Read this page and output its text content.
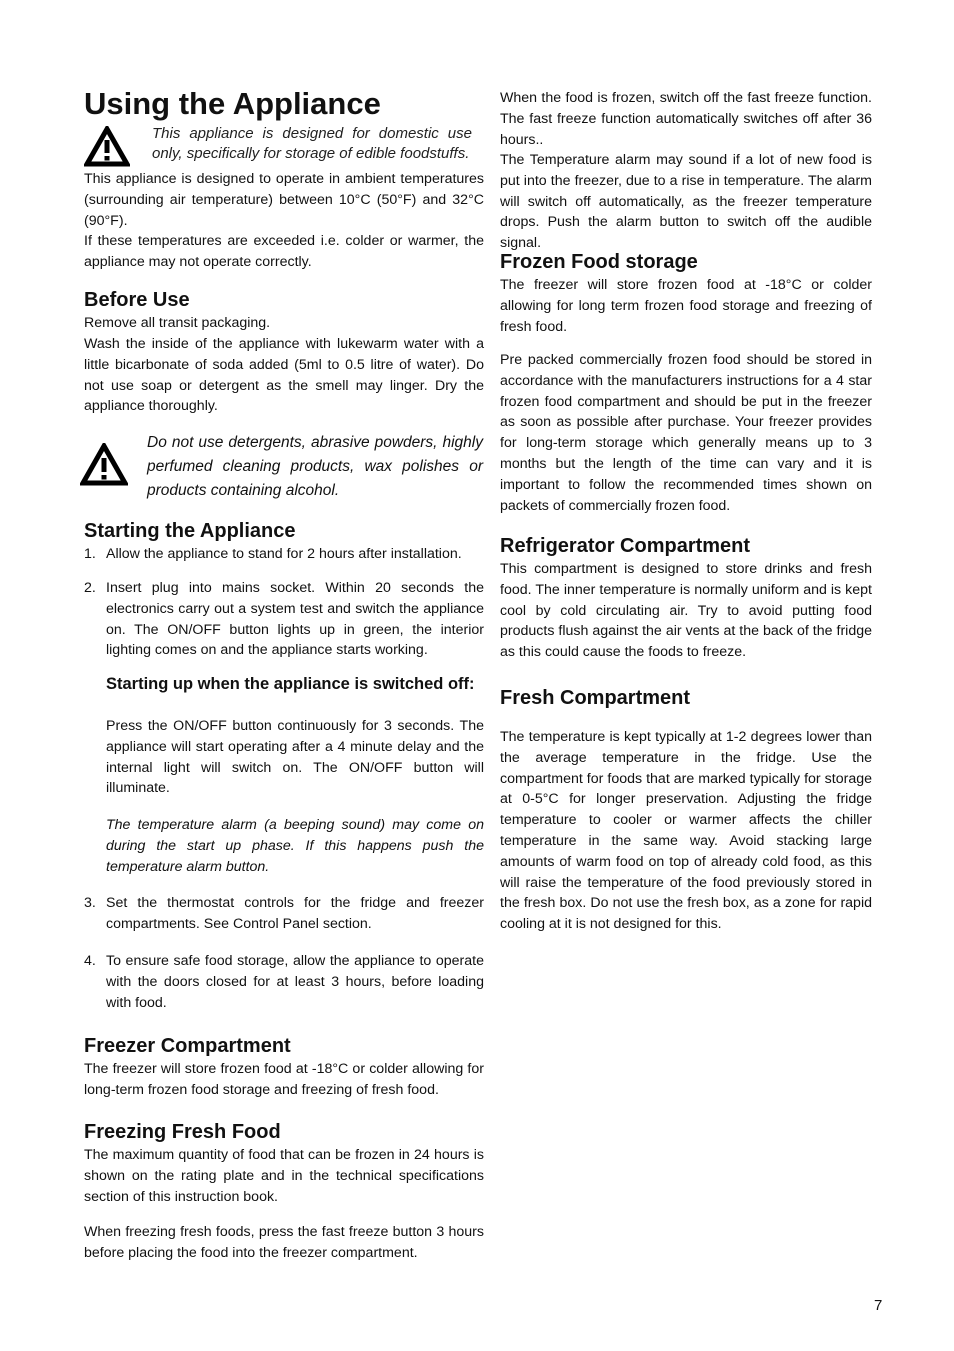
Using the Appliance

This appliance is designed for domestic use only, specifically for storage of edible foodstuffs.

This appliance is designed to operate in ambient temperatures (surrounding air temperature) between 10°C (50°F) and 32°C (90°F).

If these temperatures are exceeded i.e. colder or warmer, the appliance may not operate correctly.

Before Use

Remove all transit packaging.

Wash the inside of the appliance with lukewarm water with a little bicarbonate of soda added (5ml to 0.5 litre of water). Do not use soap or detergent as the smell may linger. Dry the appliance thoroughly.

Do not use detergents, abrasive powders, highly perfumed cleaning products, wax polishes or products containing alcohol.

Starting the Appliance
1. Allow the appliance to stand for 2 hours after installation.

2. Insert plug into mains socket. Within 20 seconds the electronics carry out a system test and switch the appliance on. The ON/OFF button lights up in green, the interior lighting comes on and the appliance starts working.

Starting up when the appliance is switched off:

Press the ON/OFF button continuously for 3 seconds. The appliance will start operating after a 4 minute delay and the internal light will switch on. The ON/OFF button will illuminate.

The temperature alarm (a beeping sound) may come on during the start up phase. If this happens push the temperature alarm button.

3. Set the thermostat controls for the fridge and freezer compartments. See Control Panel section.

4. To ensure safe food storage, allow the appliance to operate with the doors closed for at least 3 hours, before loading with food.

Freezer Compartment

The freezer will store frozen food at -18°C or colder allowing for long-term frozen food storage and freezing of fresh food.

Freezing Fresh Food

The maximum quantity of food that can be frozen in 24 hours is shown on the rating plate and in the technical specifications section of this instruction book.

When freezing fresh foods, press the fast freeze button 3 hours before placing the food into the freezer compartment.

When the food is frozen, switch off the fast freeze function. The fast freeze function automatically switches off after 36 hours..

The Temperature alarm may sound if a lot of new food is put into the freezer, due to a rise in temperature. The alarm will switch off automatically, as the freezer temperature drops. Push the alarm button to switch off the audible signal.

Frozen Food storage

The freezer will store frozen food at -18°C or colder allowing for long term frozen food storage and freezing of fresh food.

Pre packed commercially frozen food should be stored in accordance with the manufacturers instructions for a 4 star frozen food compartment and should be put in the freezer as soon as possible after purchase. Your freezer provides for long-term storage which generally means up to 3 months but the length of the time can vary and it is important to follow the recommended times shown on packets of commercially frozen food.

Refrigerator Compartment

This compartment is designed to store drinks and fresh food. The inner temperature is normally uniform and is kept cool by cold circulating air. Try to avoid putting food products flush against the air vents at the back of the fridge as this could cause the foods to freeze.

Fresh Compartment

The temperature is kept typically at 1-2 degrees lower than the average temperature in the fridge. Use the compartment for foods that are marked typically for storage at 0-5°C for longer preservation. Adjusting the fridge temperature to cooler or warmer affects the chiller temperature in the same way. Avoid stacking large amounts of warm food on top of already cold food, as this will raise the temperature of the food previously stored in the fresh box. Do not use the fresh box, as a zone for rapid cooling at it is not designed for this.

7
